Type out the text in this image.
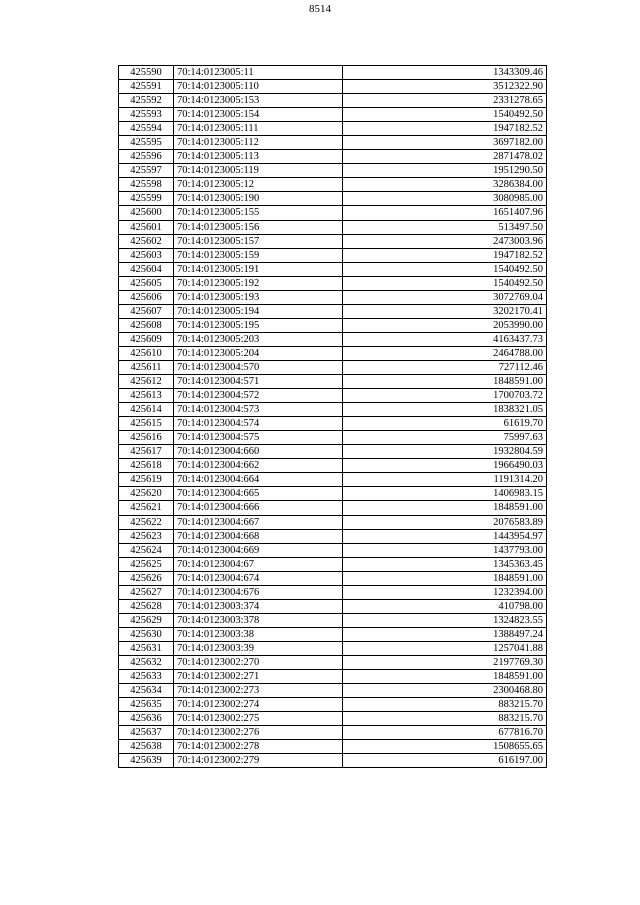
8514
425590	70:14:0123005:11	1343309.46
425591	70:14:0123005:110	3512322.90
425592	70:14:0123005:153	2331278.65
425593	70:14:0123005:154	1540492.50
425594	70:14:0123005:111	1947182.52
425595	70:14:0123005:112	3697182.00
425596	70:14:0123005:113	2871478.02
425597	70:14:0123005:119	1951290.50
425598	70:14:0123005:12	3286384.00
425599	70:14:0123005:190	3080985.00
425600	70:14:0123005:155	1651407.96
425601	70:14:0123005:156	513497.50
425602	70:14:0123005:157	2473003.96
425603	70:14:0123005:159	1947182.52
425604	70:14:0123005:191	1540492.50
425605	70:14:0123005:192	1540492.50
425606	70:14:0123005:193	3072769.04
425607	70:14:0123005:194	3202170.41
425608	70:14:0123005:195	2053990.00
425609	70:14:0123005:203	4163437.73
425610	70:14:0123005:204	2464788.00
425611	70:14:0123004:570	727112.46
425612	70:14:0123004:571	1848591.00
425613	70:14:0123004:572	1700703.72
425614	70:14:0123004:573	1838321.05
425615	70:14:0123004:574	61619.70
425616	70:14:0123004:575	75997.63
425617	70:14:0123004:660	1932804.59
425618	70:14:0123004:662	1966490.03
425619	70:14:0123004:664	1191314.20
425620	70:14:0123004:665	1406983.15
425621	70:14:0123004:666	1848591.00
425622	70:14:0123004:667	2076583.89
425623	70:14:0123004:668	1443954.97
425624	70:14:0123004:669	1437793.00
425625	70:14:0123004:67	1345363.45
425626	70:14:0123004:674	1848591.00
425627	70:14:0123004:676	1232394.00
425628	70:14:0123003:374	410798.00
425629	70:14:0123003:378	1324823.55
425630	70:14:0123003:38	1388497.24
425631	70:14:0123003:39	1257041.88
425632	70:14:0123002:270	2197769.30
425633	70:14:0123002:271	1848591.00
425634	70:14:0123002:273	2300468.80
425635	70:14:0123002:274	883215.70
425636	70:14:0123002:275	883215.70
425637	70:14:0123002:276	677816.70
425638	70:14:0123002:278	1508655.65
425639	70:14:0123002:279	616197.00
